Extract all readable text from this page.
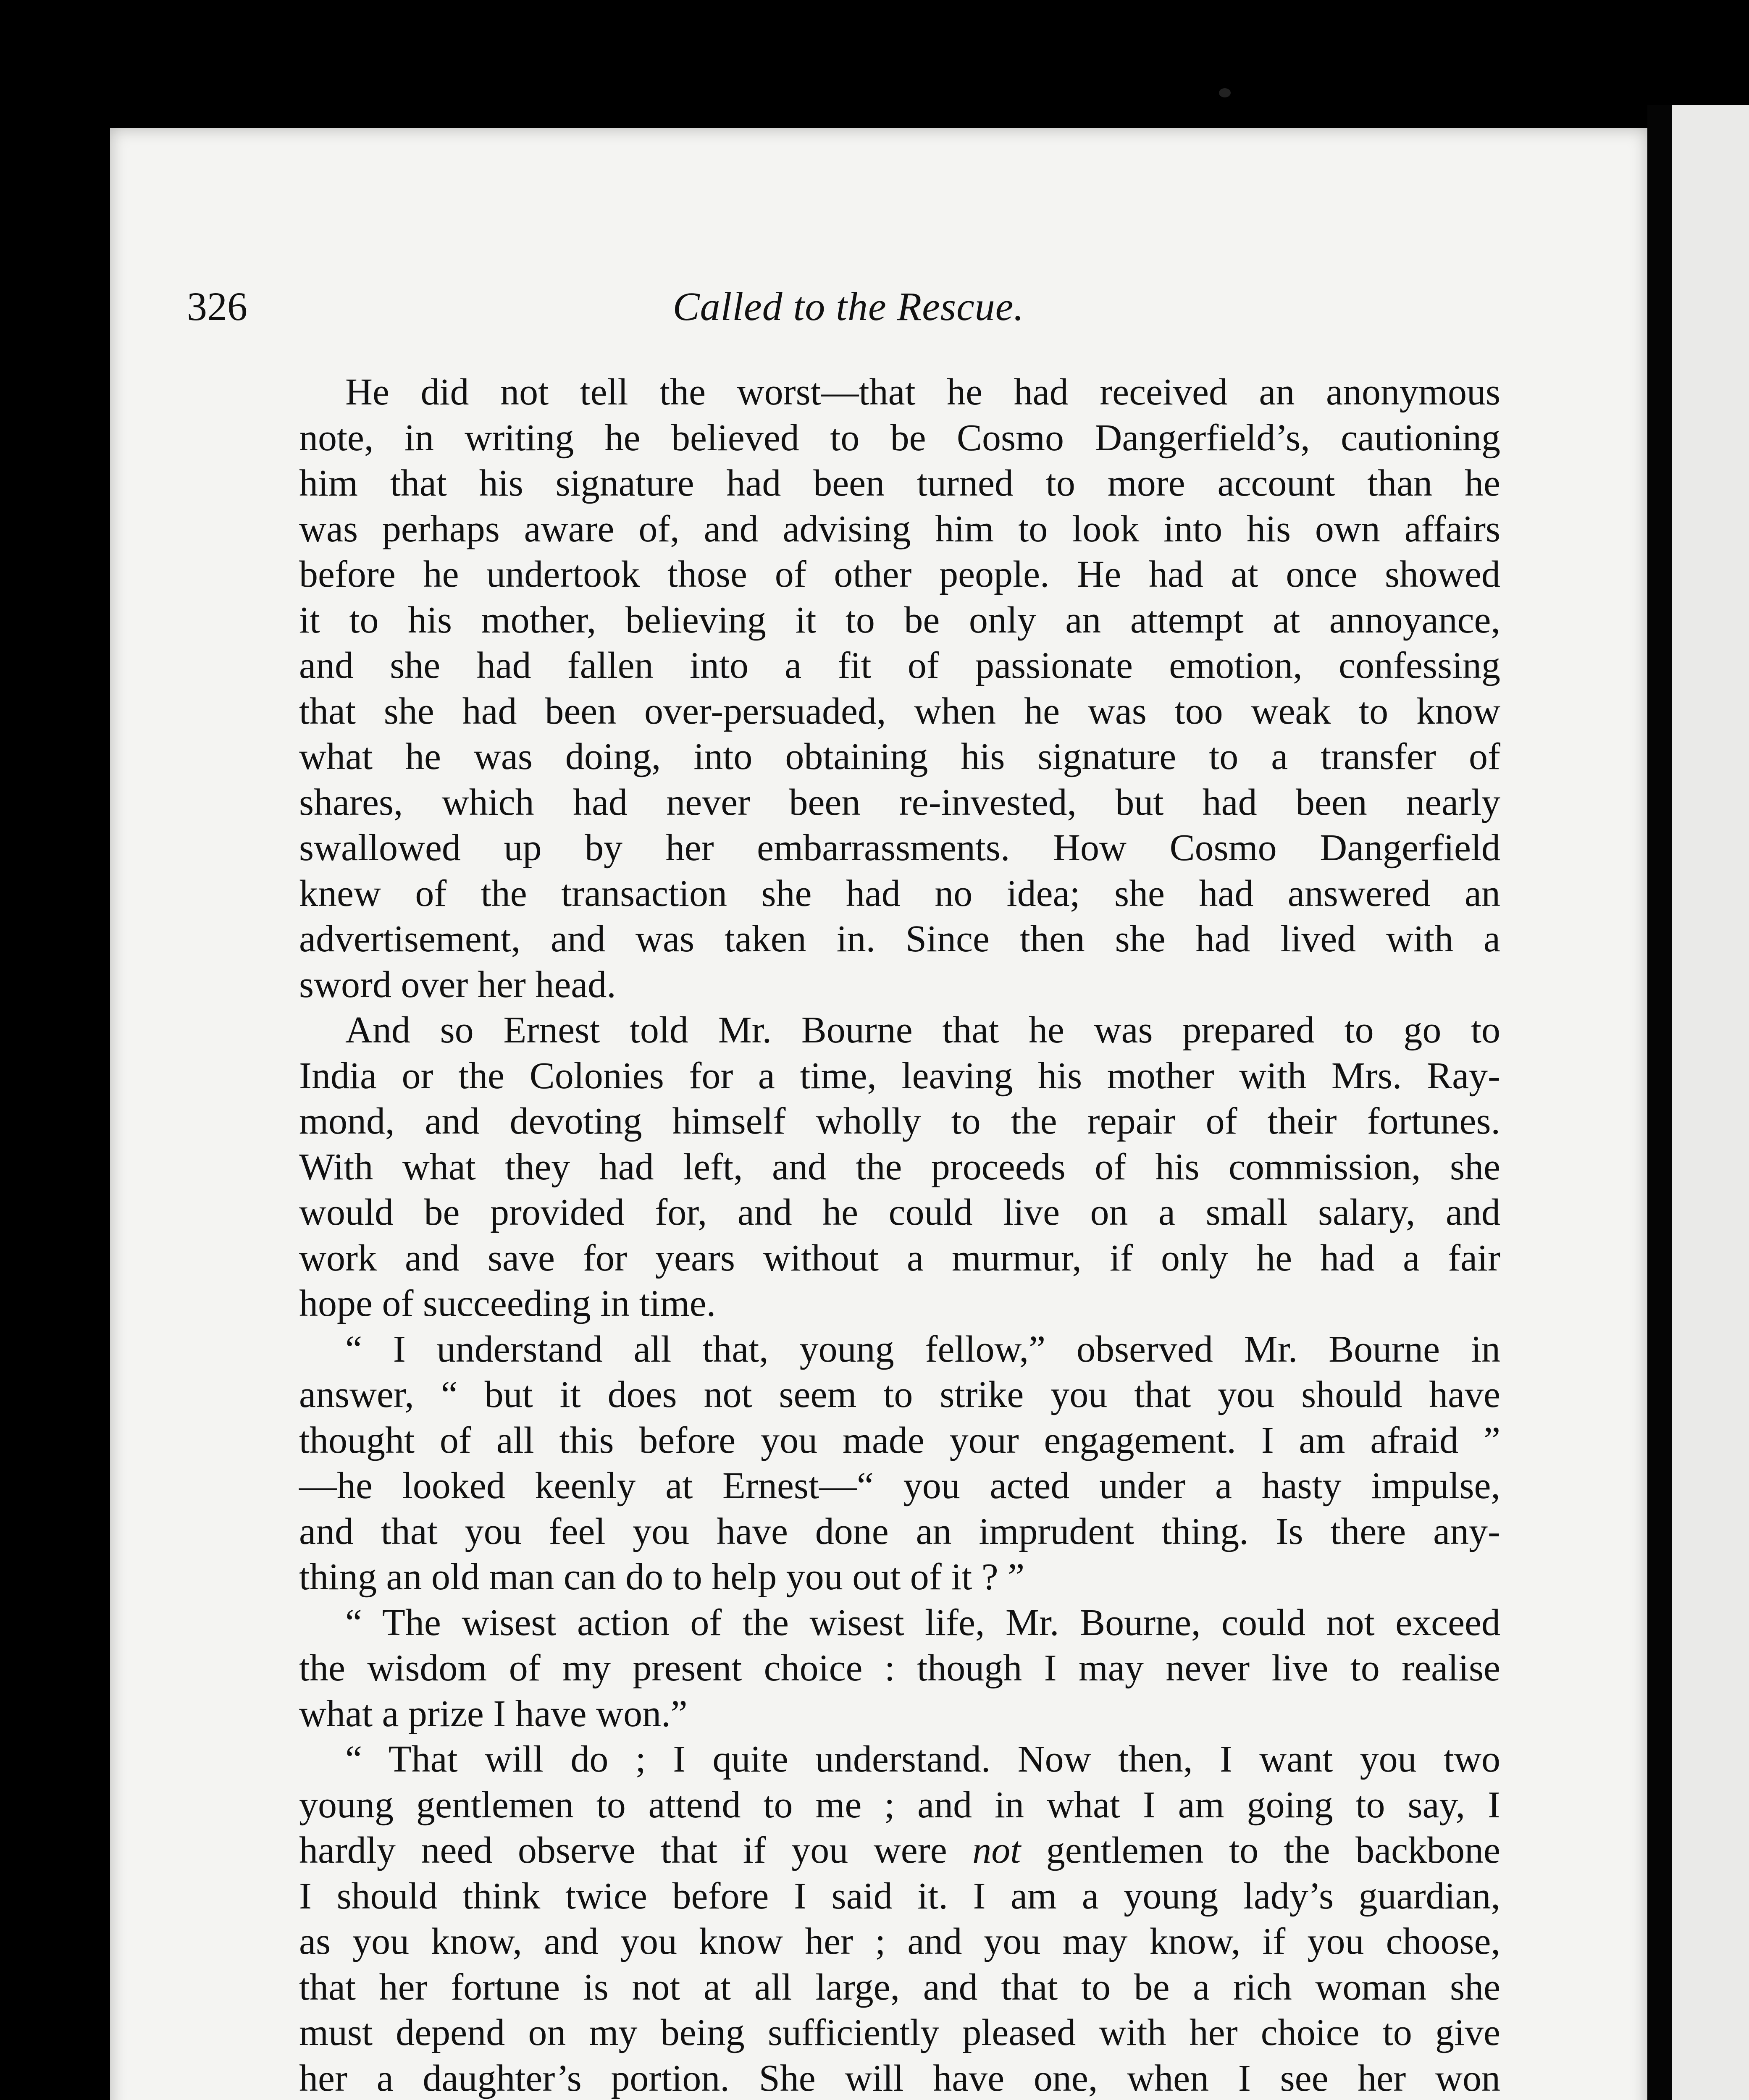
326	Called to the Rescue.
He did not tell the worst—that he had received an anonymous
note, in writing he believed to be Cosmo Dangerfield’s, cautioning
him that his signature had been turned to more account than he
was perhaps aware of, and advising him to look into his own affairs
before he undertook those of other people. He had at once showed
it to his mother, believing it to be only an attempt at annoyance,
and she had fallen into a fit of passionate emotion, confessing
that she had been over-persuaded, when he was too weak to know
what he was doing, into obtaining his signature to a transfer of
shares, which had never been re-invested, but had been nearly
swallowed up by her embarrassments. How Cosmo Dangerfield
knew of the transaction she had no idea; she had answered an
advertisement, and was taken in. Since then she had lived with a
sword over her head.
And so Ernest told Mr. Bourne that he was prepared to go to
India or the Colonies for a time, leaving his mother with Mrs. Ray-
mond, and devoting himself wholly to the repair of their fortunes.
With what they had left, and the proceeds of his commission, she
would be provided for, and he could live on a small salary, and
work and save for years without a murmur, if only he had a fair
hope of succeeding in time.
“ I understand all that, young fellow,” observed Mr. Bourne in
answer, “ but it does not seem to strike you that you should have
thought of all this before you made your engagement. I am afraid ”
—he looked keenly at Ernest—“ you acted under a hasty impulse,
and that you feel you have done an imprudent thing. Is there any-
thing an old man can do to help you out of it ? ”
“ The wisest action of the wisest life, Mr. Bourne, could not exceed
the wisdom of my present choice : though I may never live to realise
what a prize I have won.”
“ That will do ; I quite understand. Now then, I want you two
young gentlemen to attend to me ; and in what I am going to say, I
hardly need observe that if you were not gentlemen to the backbone
I should think twice before I said it. I am a young lady’s guardian,
as you know, and you know her ; and you may know, if you choose,
that her fortune is not at all large, and that to be a rich woman she
must depend on my being sufficiently pleased with her choice to give
her a daughter’s portion. She will have one, when I see her won
